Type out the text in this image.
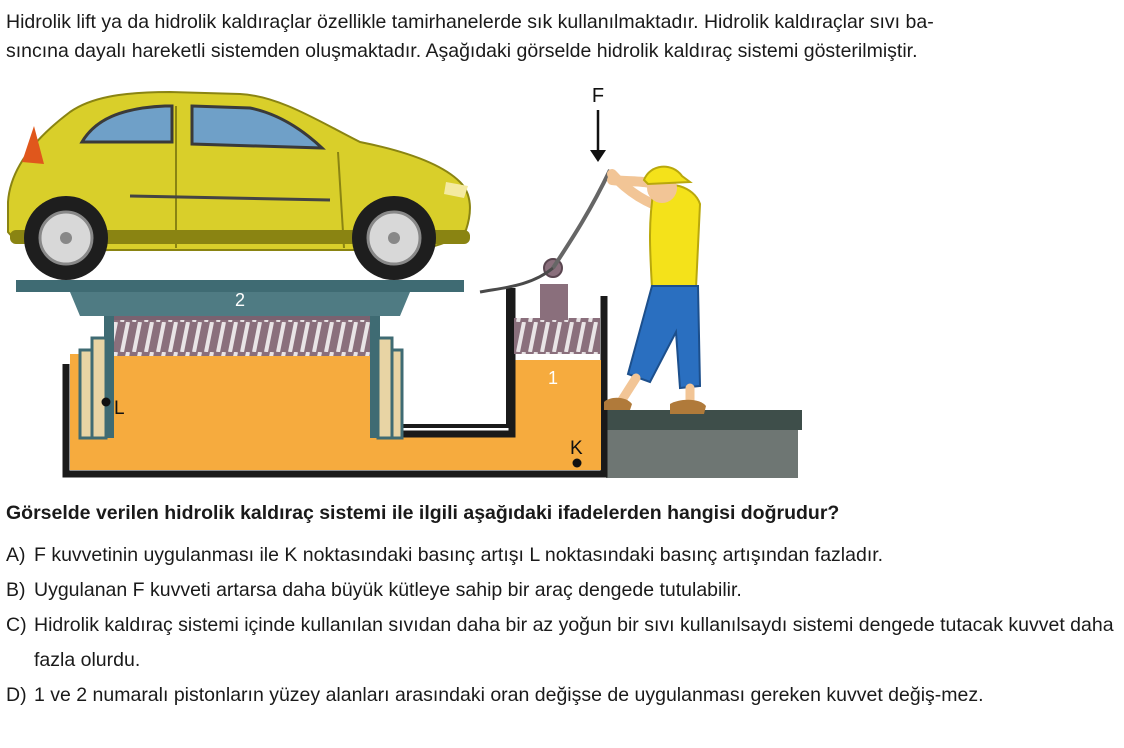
Hidrolik lift ya da hidrolik kaldıraçlar özellikle tamirhanelerde sık kullanılmaktadır. Hidrolik kaldıraçlar sıvı ba-
sıncına dayalı hareketli sistemden oluşmaktadır. Aşağıdaki görselde hidrolik kaldıraç sistemi gösterilmiştir.
2
1
L
K
F
Görselde verilen hidrolik kaldıraç sistemi ile ilgili aşağıdaki ifadelerden hangisi doğrudur?
A) F kuvvetinin uygulanması ile K noktasındaki basınç artışı L noktasındaki basınç artışından fazladır.
B) Uygulanan F kuvveti artarsa daha büyük kütleye sahip bir araç dengede tutulabilir.
C) Hidrolik kaldıraç sistemi içinde kullanılan sıvıdan daha bir az yoğun bir sıvı kullanılsaydı sistemi dengede tutacak kuvvet daha fazla olurdu.
D) 1 ve 2 numaralı pistonların yüzey alanları arasındaki oran değişse de uygulanması gereken kuvvet değiş-mez.
